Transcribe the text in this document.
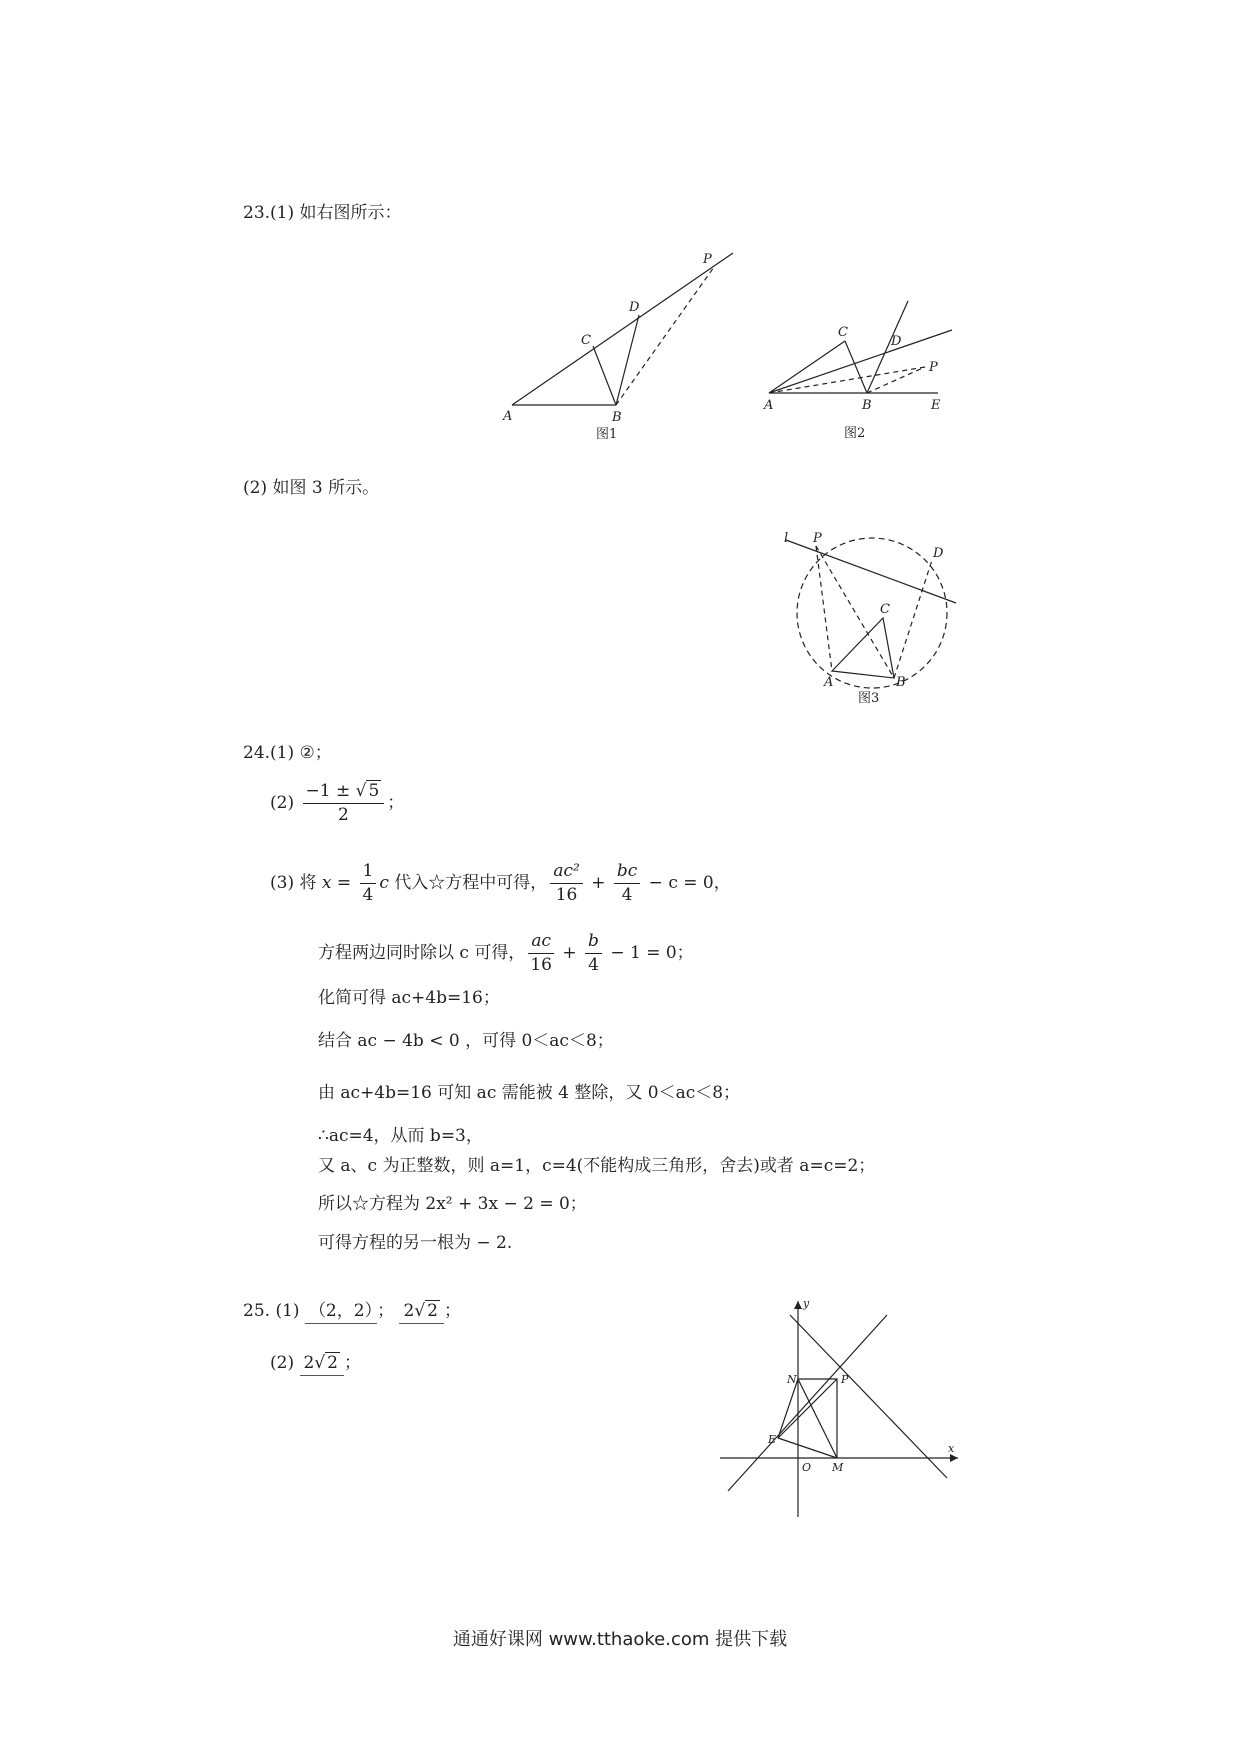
23.(1) 如右图所示：
A	B
C
D
P
图1
A	B
C
D
P
E
图2
(2) 如图 3 所示。
l P
D
C
A	B
图3
24.(1) ②；
$(2) \frac{-1 \pm √ 5}{2}$ ；
(3) 将 $x = \frac{1}{4}$ c 代入☆方程中可得， $\frac{\text{ac²}}{16} + \frac{bc}{4} - c = 0$，
方程两边同时除以 c 可得， $\frac{ac}{16} + \frac{b}{4} - 1 = 0$；
化简可得 ac+4b=16；
结合 ac − 4b < 0 ，可得 0＜ac＜8；
由 ac+4b=16 可知 ac 需能被 4 整除，又 0＜ac＜8；
∴ac=4，从而 b=3，
又 a、c 为正整数，则 a=1，c=4(不能构成三角形，舍去)或者 a=c=2；
所以☆方程为 2x² + 3x − 2 = 0；
可得方程的另一根为 − 2.
25. (1) （2，2） ； 2√ 2 ；
(2) 2√ 2 ；
y
x
N	P
E
O M
通通好课网 www.tthaoke.com 提供下载
